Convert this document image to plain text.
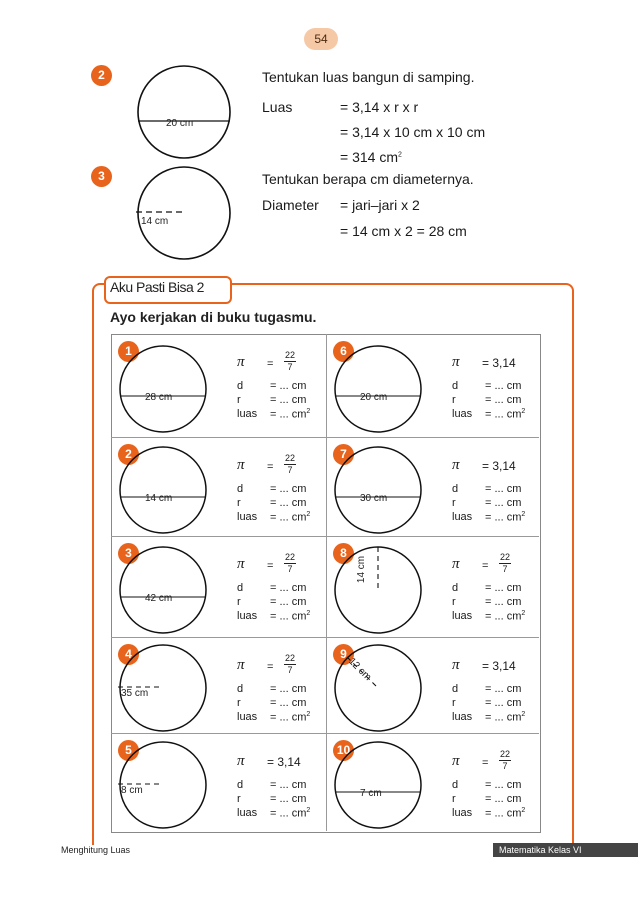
54
2
20 cm
Tentukan luas bangun di samping.
Luas	= 3,14 x r x r
= 3,14 x 10 cm x 10 cm
= 314 $cm^2$
3
14 cm
Tentukan berapa cm diameternya.
Diameter = jari–jari x 2
= 14 cm x 2 = 28 cm
Aku Pasti Bisa 2
Ayo kerjakan di buku tugasmu.
1
28 cm
π =
22
7
d = ... cm
r	= ... cm
luas = ... $cm^2$
6
20 cm
π = 3,14
d = ... cm
r	= ... cm
luas = ... $cm^2$
2
14 cm
π =
22
7
d = ... cm
r	= ... cm
luas = ... $cm^2$
7
30 cm
π = 3,14
d = ... cm
r	= ... cm
luas = ... $cm^2$
3
42 cm
π =
22
7
d = ... cm
r	= ... cm
luas = ... $cm^2$
8
14 cm	π =
22
7
d = ... cm
r	= ... cm
luas = ... $cm^2$
4
35 cm
π =
22
7
d = ... cm
r	= ... cm
luas = ... $cm^2$
9
12 cm	π = 3,14
d = ... cm
r	= ... cm
luas = ... $cm^2$
5
8 cm
π = 3,14
d = ... cm
r	= ... cm
luas = ... $cm^2$
10
7 cm
π =
22
7
d = ... cm
r	= ... cm
luas = ... $cm^2$
Menghitung Luas	Matematika Kelas VI
